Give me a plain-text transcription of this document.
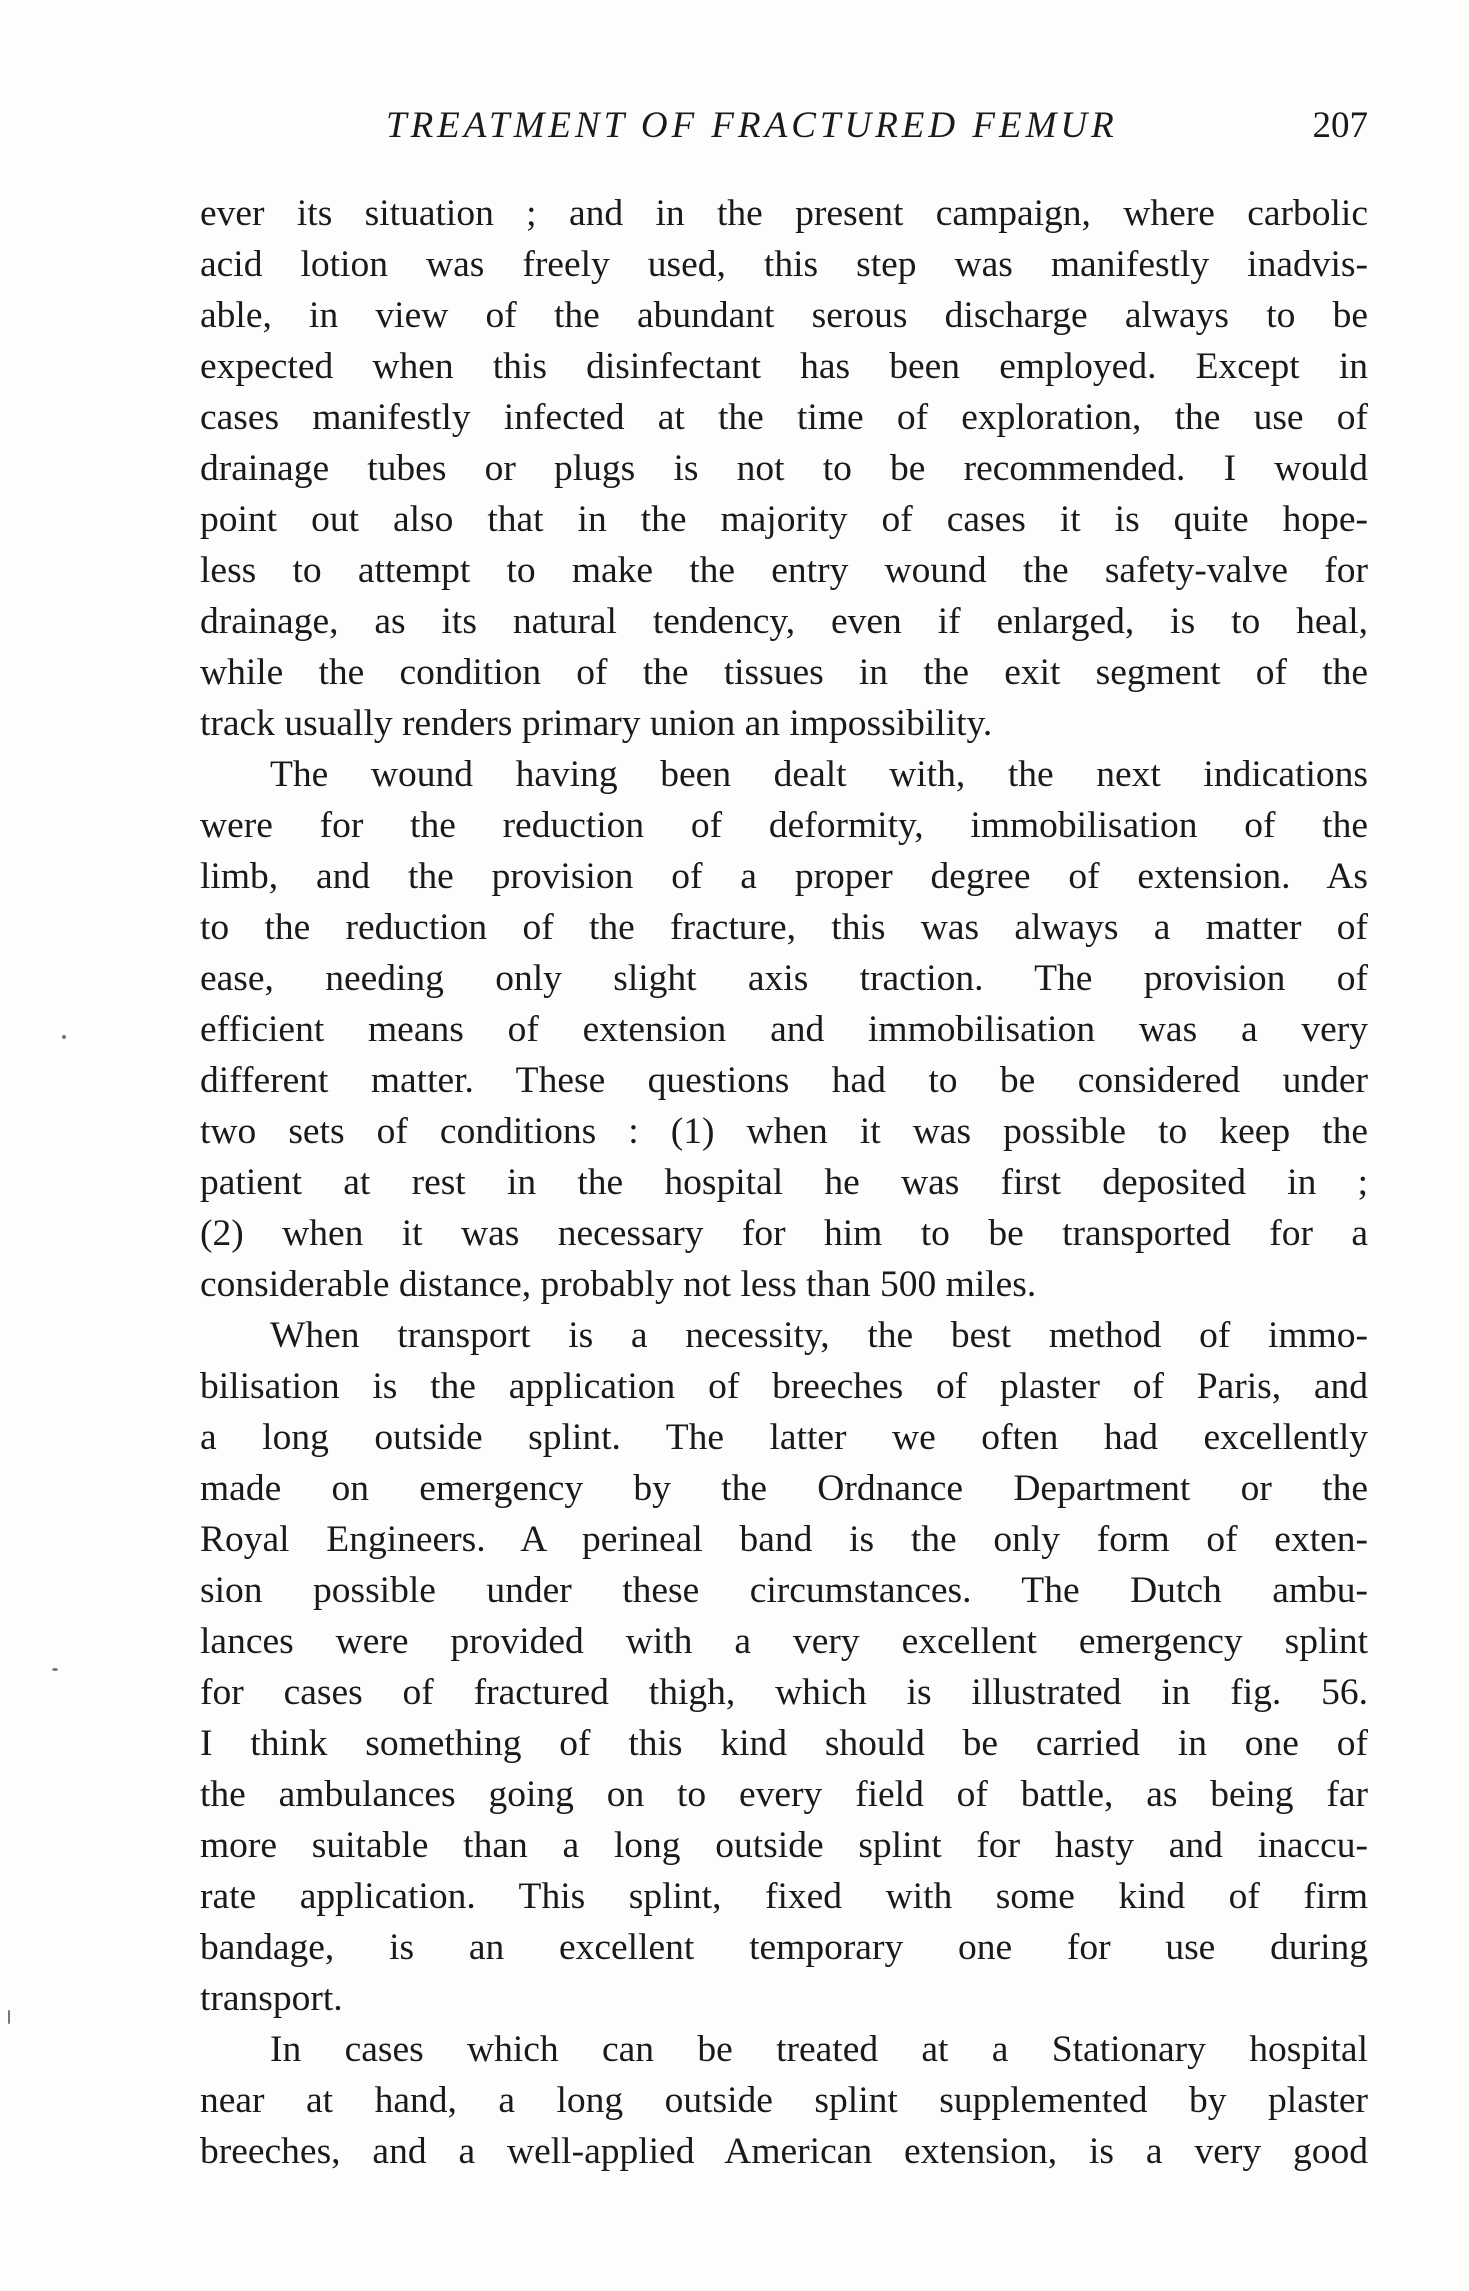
TREATMENT OF FRACTURED FEMUR	207
ever its situation ; and in the present campaign, where carbolic
acid lotion was freely used, this step was manifestly inadvis-
able, in view of the abundant serous discharge always to be
expected when this disinfectant has been employed. Except in
cases manifestly infected at the time of exploration, the use of
drainage tubes or plugs is not to be recommended. I would
point out also that in the majority of cases it is quite hope-
less to attempt to make the entry wound the safety-valve for
drainage, as its natural tendency, even if enlarged, is to heal,
while the condition of the tissues in the exit segment of the
track usually renders primary union an impossibility.
The wound having been dealt with, the next indications
were for the reduction of deformity, immobilisation of the
limb, and the provision of a proper degree of extension. As
to the reduction of the fracture, this was always a matter of
ease, needing only slight axis traction. The provision of
efficient means of extension and immobilisation was a very
different matter. These questions had to be considered under
two sets of conditions : (1) when it was possible to keep the
patient at rest in the hospital he was first deposited in ;
(2) when it was necessary for him to be transported for a
considerable distance, probably not less than 500 miles.
When transport is a necessity, the best method of immo-
bilisation is the application of breeches of plaster of Paris, and
a long outside splint. The latter we often had excellently
made on emergency by the Ordnance Department or the
Royal Engineers. A perineal band is the only form of exten-
sion possible under these circumstances. The Dutch ambu-
lances were provided with a very excellent emergency splint
for cases of fractured thigh, which is illustrated in fig. 56.
I think something of this kind should be carried in one of
the ambulances going on to every field of battle, as being far
more suitable than a long outside splint for hasty and inaccu-
rate application. This splint, fixed with some kind of firm
bandage, is an excellent temporary one for use during
transport.
In cases which can be treated at a Stationary hospital
near at hand, a long outside splint supplemented by plaster
breeches, and a well-applied American extension, is a very good
